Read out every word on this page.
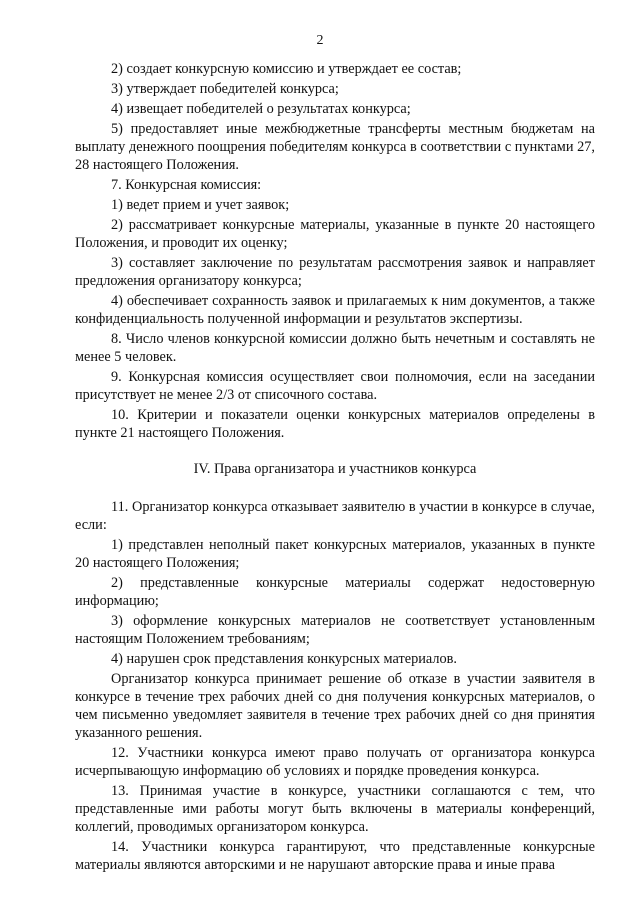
2

2) создает конкурсную комиссию и утверждает ее состав;

3) утверждает победителей конкурса;

4) извещает победителей о результатах конкурса;

5) предоставляет иные межбюджетные трансферты местным бюджетам на выплату денежного поощрения победителям конкурса в соответствии с пунктами 27, 28 настоящего Положения.

7. Конкурсная комиссия:

1) ведет прием и учет заявок;

2) рассматривает конкурсные материалы, указанные в пункте 20 настоящего Положения, и проводит их оценку;

3) составляет заключение по результатам рассмотрения заявок и направляет предложения организатору конкурса;

4) обеспечивает сохранность заявок и прилагаемых к ним документов, а также конфиденциальность полученной информации и результатов экспертизы.

8. Число членов конкурсной комиссии должно быть нечетным и составлять не менее 5 человек.

9. Конкурсная комиссия осуществляет свои полномочия, если на заседании присутствует не менее 2/3 от списочного состава.

10. Критерии и показатели оценки конкурсных материалов определены в пункте 21 настоящего Положения.

IV. Права организатора и участников конкурса

11. Организатор конкурса отказывает заявителю в участии в конкурсе в случае, если:

1) представлен неполный пакет конкурсных материалов, указанных в пункте 20 настоящего Положения;

2) представленные конкурсные материалы содержат недостоверную информацию;

3) оформление конкурсных материалов не соответствует установленным настоящим Положением требованиям;

4) нарушен срок представления конкурсных материалов.

Организатор конкурса принимает решение об отказе в участии заявителя в конкурсе в течение трех рабочих дней со дня получения конкурсных материалов, о чем письменно уведомляет заявителя в течение трех рабочих дней со дня принятия указанного решения.

12. Участники конкурса имеют право получать от организатора конкурса исчерпывающую информацию об условиях и порядке проведения конкурса.

13. Принимая участие в конкурсе, участники соглашаются с тем, что представленные ими работы могут быть включены в материалы конференций, коллегий, проводимых организатором конкурса.

14. Участники конкурса гарантируют, что представленные конкурсные материалы являются авторскими и не нарушают авторские права и иные права
